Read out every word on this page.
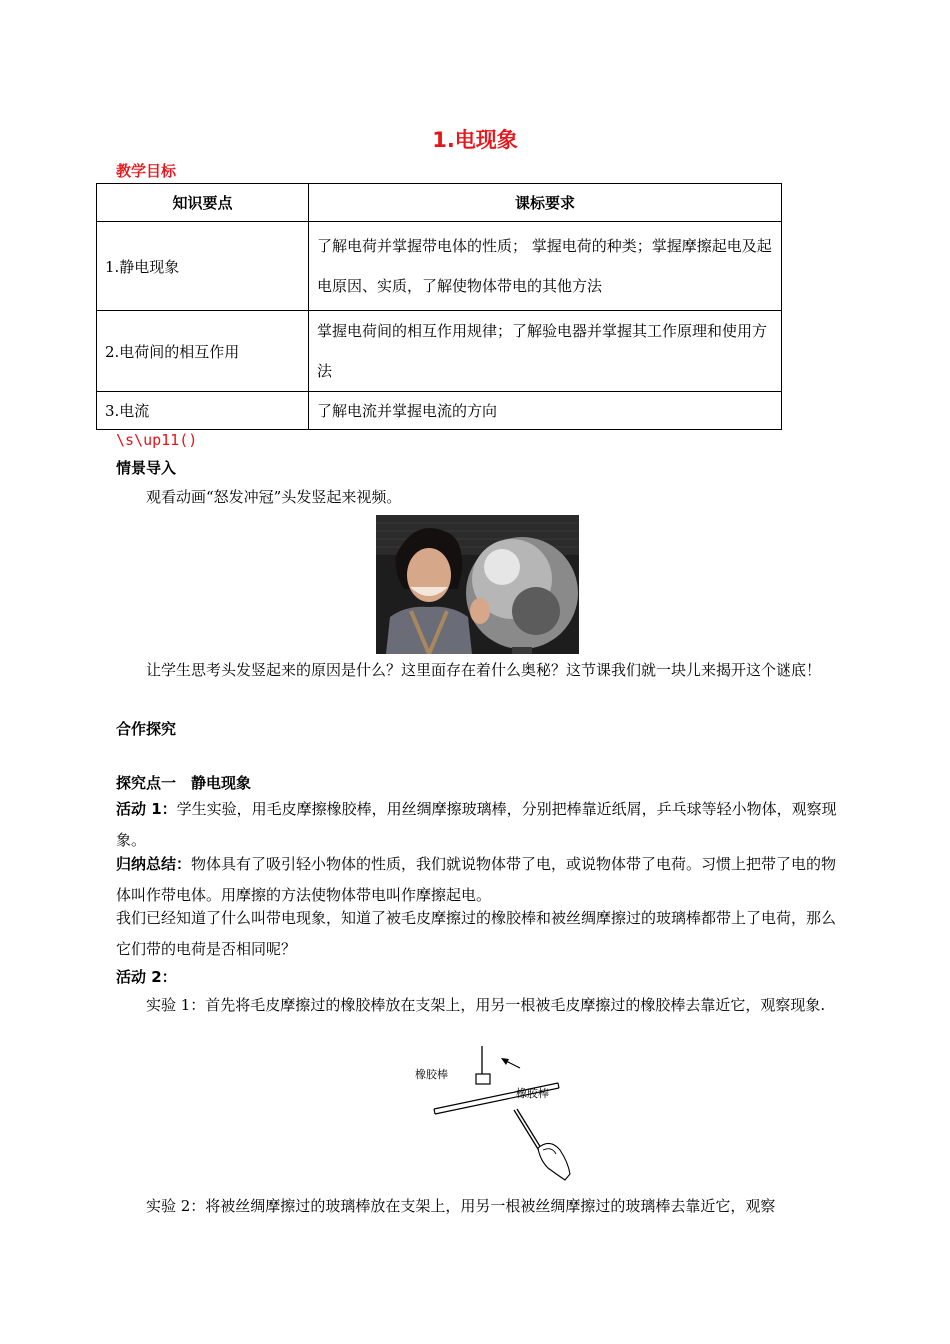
1.电现象
教学目标
知识要点	课标要求
1.静电现象	了解电荷并掌握带电体的性质； 掌握电荷的种类；掌握摩擦起电及起电原因、实质，了解使物体带电的其他方法
2.电荷间的相互作用	掌握电荷间的相互作用规律；了解验电器并掌握其工作原理和使用方法
3.电流	了解电流并掌握电流的方向
\s\up11()
情景导入
观看动画“怒发冲冠”头发竖起来视频。
让学生思考头发竖起来的原因是什么？这里面存在着什么奥秘？这节课我们就一块儿来揭开这个谜底！
合作探究
探究点一　静电现象
活动 1：学生实验，用毛皮摩擦橡胶棒，用丝绸摩擦玻璃棒，分别把棒靠近纸屑，乒乓球等轻小物体，观察现象。
归纳总结：物体具有了吸引轻小物体的性质，我们就说物体带了电，或说物体带了电荷。习惯上把带了电的物体叫作带电体。用摩擦的方法使物体带电叫作摩擦起电。
我们已经知道了什么叫带电现象，知道了被毛皮摩擦过的橡胶棒和被丝绸摩擦过的玻璃棒都带上了电荷，那么它们带的电荷是否相同呢？
活动 2：
实验 1：首先将毛皮摩擦过的橡胶棒放在支架上，用另一根被毛皮摩擦过的橡胶棒去靠近它，观察现象.
橡胶棒
橡胶棒
实验 2：将被丝绸摩擦过的玻璃棒放在支架上，用另一根被丝绸摩擦过的玻璃棒去靠近它，观察
